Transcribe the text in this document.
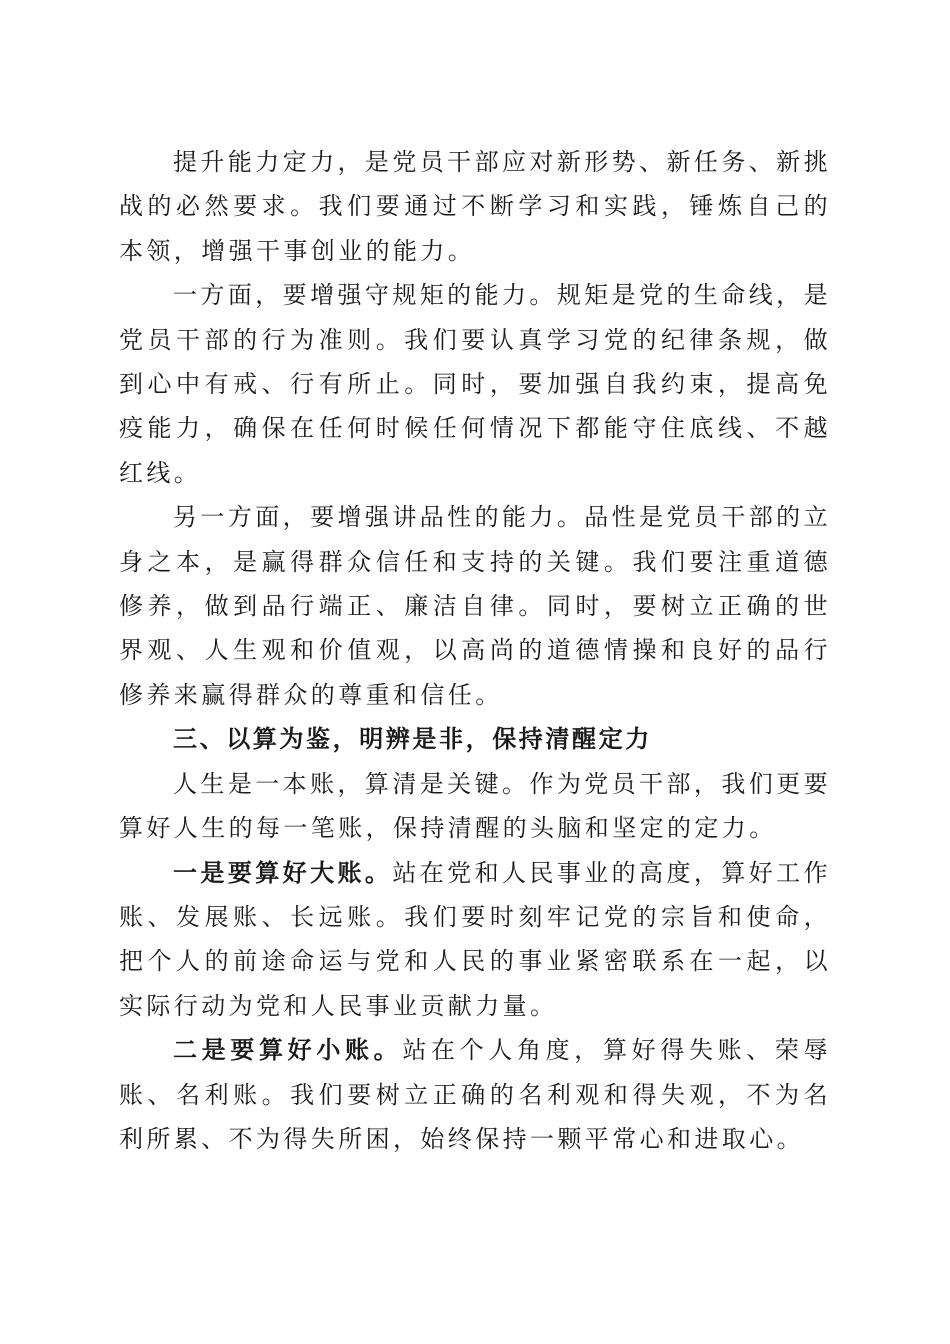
提升能力定力，是党员干部应对新形势、新任务、新挑战的必然要求。我们要通过不断学习和实践，锤炼自己的本领，增强干事创业的能力。

一方面，要增强守规矩的能力。规矩是党的生命线，是党员干部的行为准则。我们要认真学习党的纪律条规，做到心中有戒、行有所止。同时，要加强自我约束，提高免疫能力，确保在任何时候任何情况下都能守住底线、不越红线。

另一方面，要增强讲品性的能力。品性是党员干部的立身之本，是赢得群众信任和支持的关键。我们要注重道德修养，做到品行端正、廉洁自律。同时，要树立正确的世界观、人生观和价值观，以高尚的道德情操和良好的品行修养来赢得群众的尊重和信任。

三、以算为鉴，明辨是非，保持清醒定力

人生是一本账，算清是关键。作为党员干部，我们更要算好人生的每一笔账，保持清醒的头脑和坚定的定力。

一是要算好大账。站在党和人民事业的高度，算好工作账、发展账、长远账。我们要时刻牢记党的宗旨和使命，把个人的前途命运与党和人民的事业紧密联系在一起，以实际行动为党和人民事业贡献力量。

二是要算好小账。站在个人角度，算好得失账、荣辱账、名利账。我们要树立正确的名利观和得失观，不为名利所累、不为得失所困，始终保持一颗平常心和进取心。
